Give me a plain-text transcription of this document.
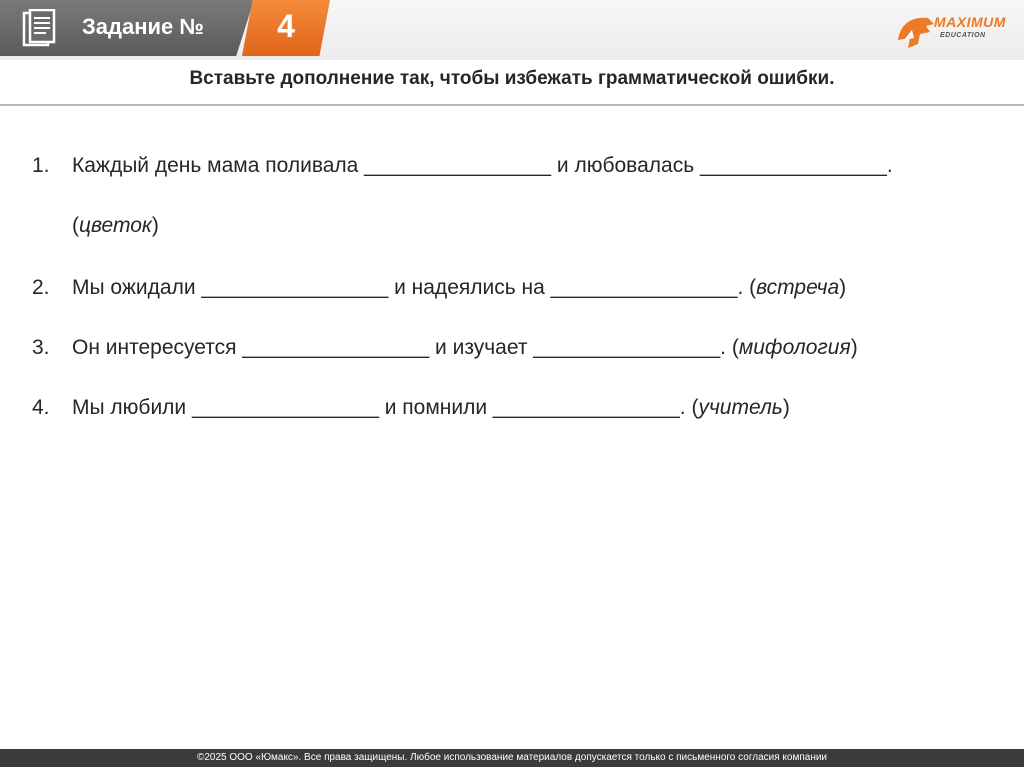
Задание №	4	MAXIMUM
EDUCATION
Вставьте дополнение так, чтобы избежать грамматической ошибки.
1. Каждый день мама поливала ________________ и любовалась ________________.
(цветок)
2. Мы ожидали ________________ и надеялись на ________________. (встреча)
3. Он интересуется ________________ и изучает ________________. (мифология)
4. Мы любили ________________ и помнили ________________. (учитель)
©2025 ООО «Юмакс». Все права защищены. Любое использование материалов допускается только с письменного согласия компании
